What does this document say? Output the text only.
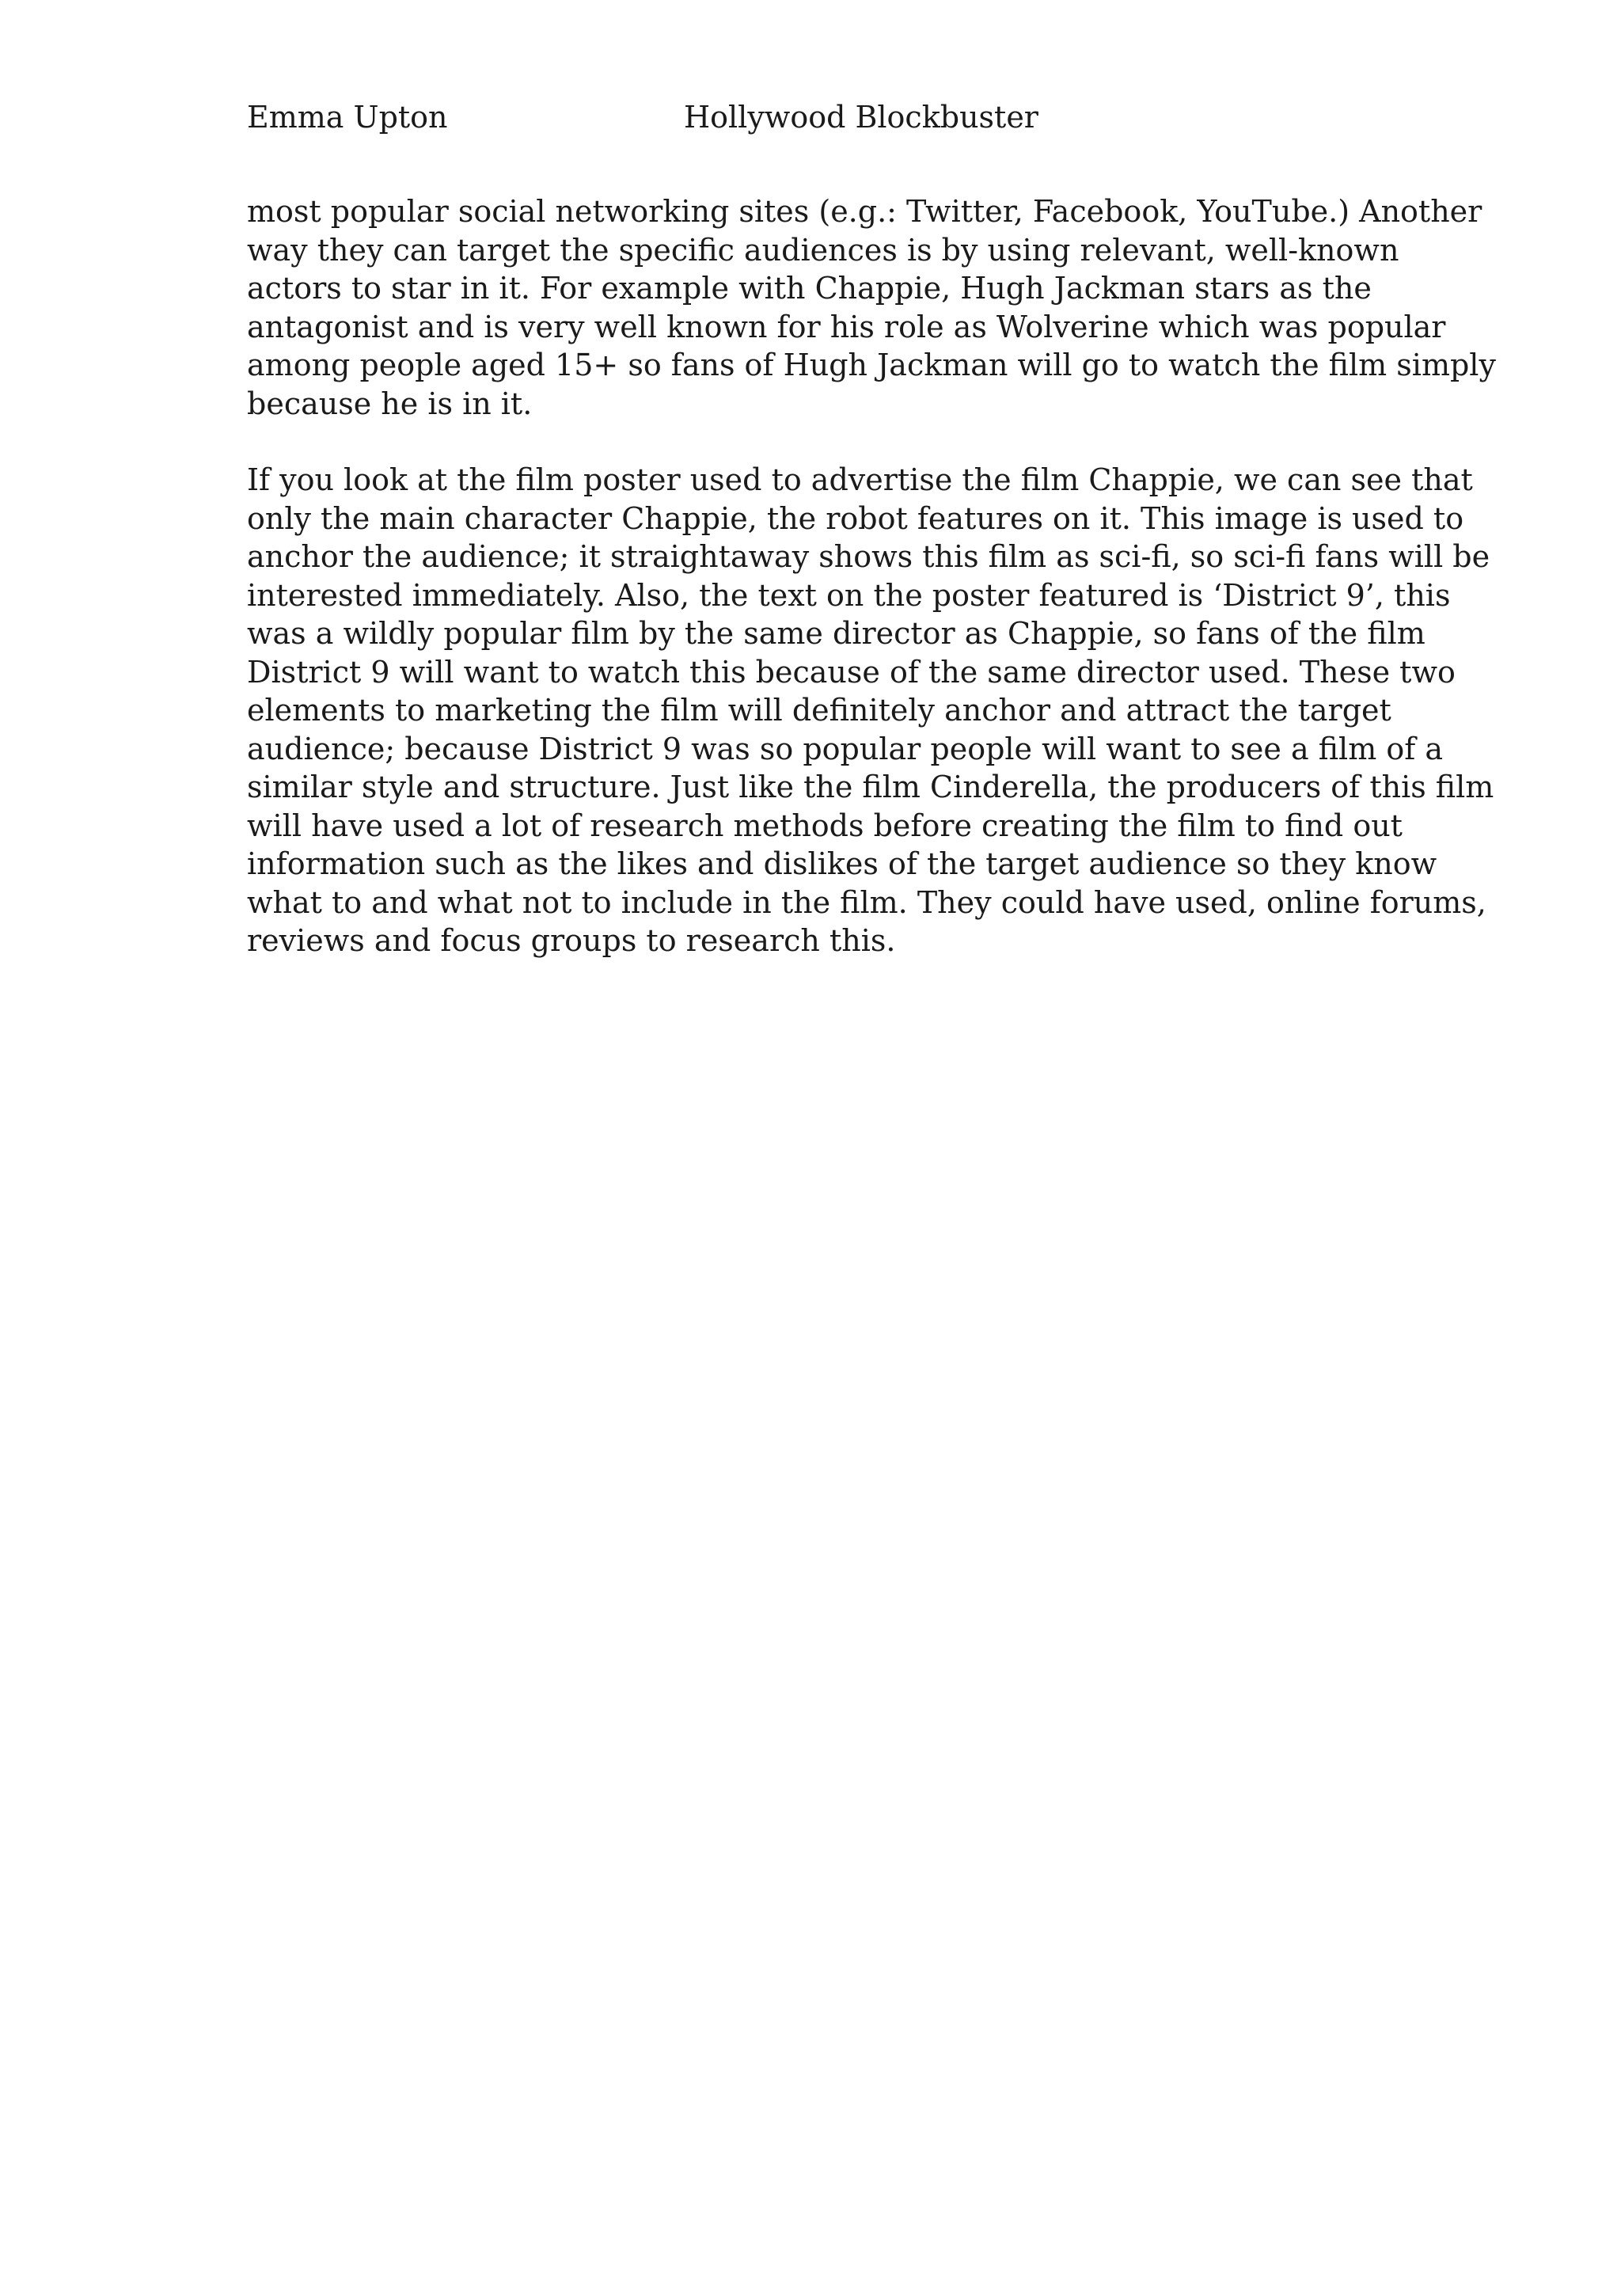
Emma Upton	Hollywood Blockbuster
most popular social networking sites (e.g.: Twitter, Facebook, YouTube.) Another
way they can target the specific audiences is by using relevant, well-known
actors to star in it. For example with Chappie, Hugh Jackman stars as the
antagonist and is very well known for his role as Wolverine which was popular
among people aged 15+ so fans of Hugh Jackman will go to watch the film simply
because he is in it.
If you look at the film poster used to advertise the film Chappie, we can see that
only the main character Chappie, the robot features on it. This image is used to
anchor the audience; it straightaway shows this film as sci-fi, so sci-fi fans will be
interested immediately. Also, the text on the poster featured is ‘District 9’, this
was a wildly popular film by the same director as Chappie, so fans of the film
District 9 will want to watch this because of the same director used. These two
elements to marketing the film will definitely anchor and attract the target
audience; because District 9 was so popular people will want to see a film of a
similar style and structure. Just like the film Cinderella, the producers of this film
will have used a lot of research methods before creating the film to find out
information such as the likes and dislikes of the target audience so they know
what to and what not to include in the film. They could have used, online forums,
reviews and focus groups to research this.
